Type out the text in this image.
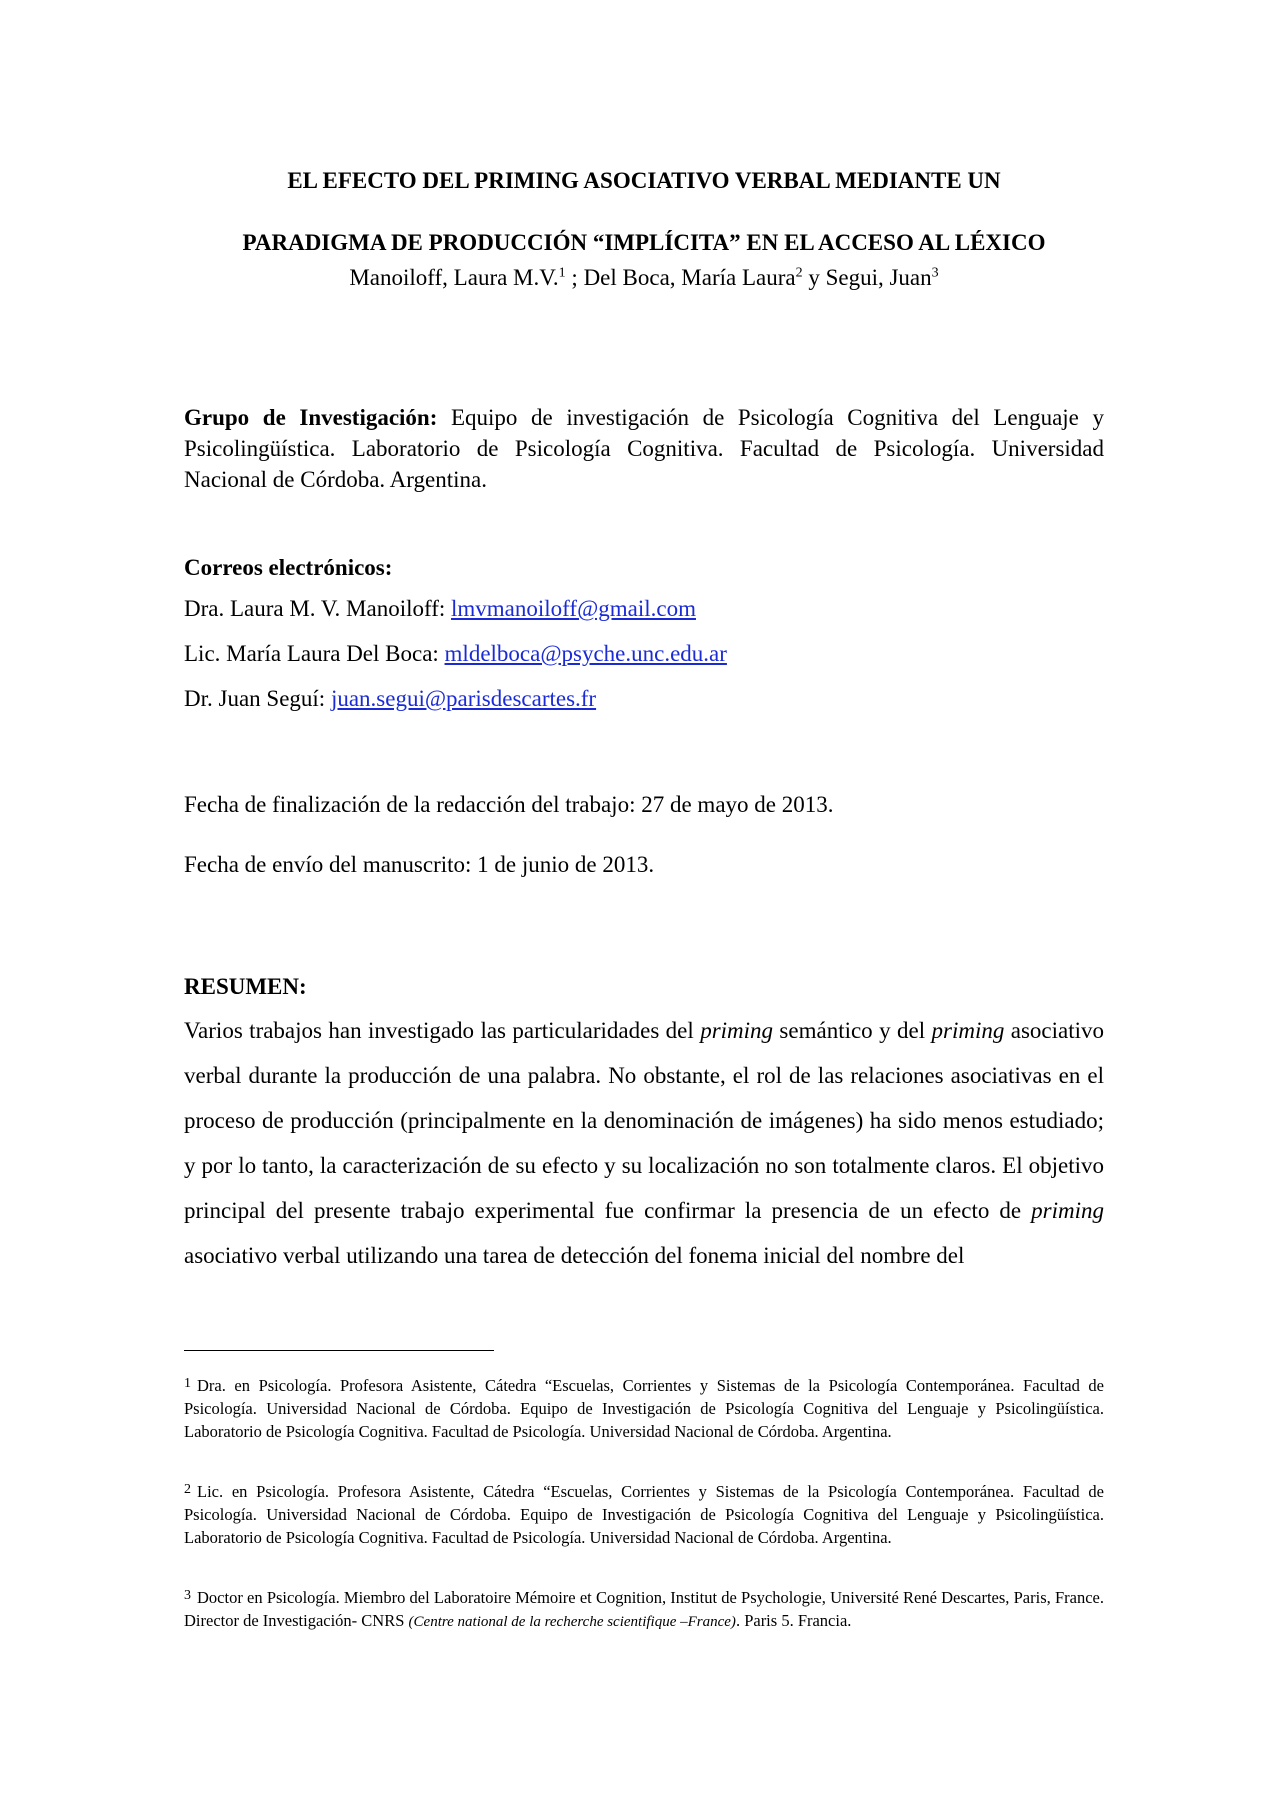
EL EFECTO DEL PRIMING ASOCIATIVO VERBAL MEDIANTE UN
PARADIGMA DE PRODUCCIÓN “IMPLÍCITA” EN EL ACCESO AL LÉXICO
Manoiloff, Laura M.V.$^1$ ; Del Boca, María Laura$^2$ y Segui, Juan$^3$
Grupo de Investigación: Equipo de investigación de Psicología Cognitiva del Lenguaje y Psicolingüística. Laboratorio de Psicología Cognitiva. Facultad de Psicología. Universidad Nacional de Córdoba. Argentina.
Correos electrónicos:
Dra. Laura M. V. Manoiloff: lmvmanoiloff@gmail.com
Lic. María Laura Del Boca: mldelboca@psyche.unc.edu.ar
Dr. Juan Seguí: juan.segui@parisdescartes.fr
Fecha de finalización de la redacción del trabajo: 27 de mayo de 2013.
Fecha de envío del manuscrito: 1 de junio de 2013.
RESUMEN:
Varios trabajos han investigado las particularidades del priming semántico y del priming asociativo verbal durante la producción de una palabra. No obstante, el rol de las relaciones asociativas en el proceso de producción (principalmente en la denominación de imágenes) ha sido menos estudiado; y por lo tanto, la caracterización de su efecto y su localización no son totalmente claros. El objetivo principal del presente trabajo experimental fue confirmar la presencia de un efecto de priming asociativo verbal utilizando una tarea de detección del fonema inicial del nombre del
$^1$ Dra. en Psicología. Profesora Asistente, Cátedra “Escuelas, Corrientes y Sistemas de la Psicología Contemporánea. Facultad de Psicología. Universidad Nacional de Córdoba. Equipo de Investigación de Psicología Cognitiva del Lenguaje y Psicolingüística. Laboratorio de Psicología Cognitiva. Facultad de Psicología. Universidad Nacional de Córdoba. Argentina.
$^2$ Lic. en Psicología. Profesora Asistente, Cátedra “Escuelas, Corrientes y Sistemas de la Psicología Contemporánea. Facultad de Psicología. Universidad Nacional de Córdoba. Equipo de Investigación de Psicología Cognitiva del Lenguaje y Psicolingüística. Laboratorio de Psicología Cognitiva. Facultad de Psicología. Universidad Nacional de Córdoba. Argentina.
$^3$ Doctor en Psicología. Miembro del Laboratoire Mémoire et Cognition, Institut de Psychologie, Université René Descartes, Paris, France. Director de Investigación- CNRS (Centre national de la recherche scientifique –France). Paris 5. Francia.
